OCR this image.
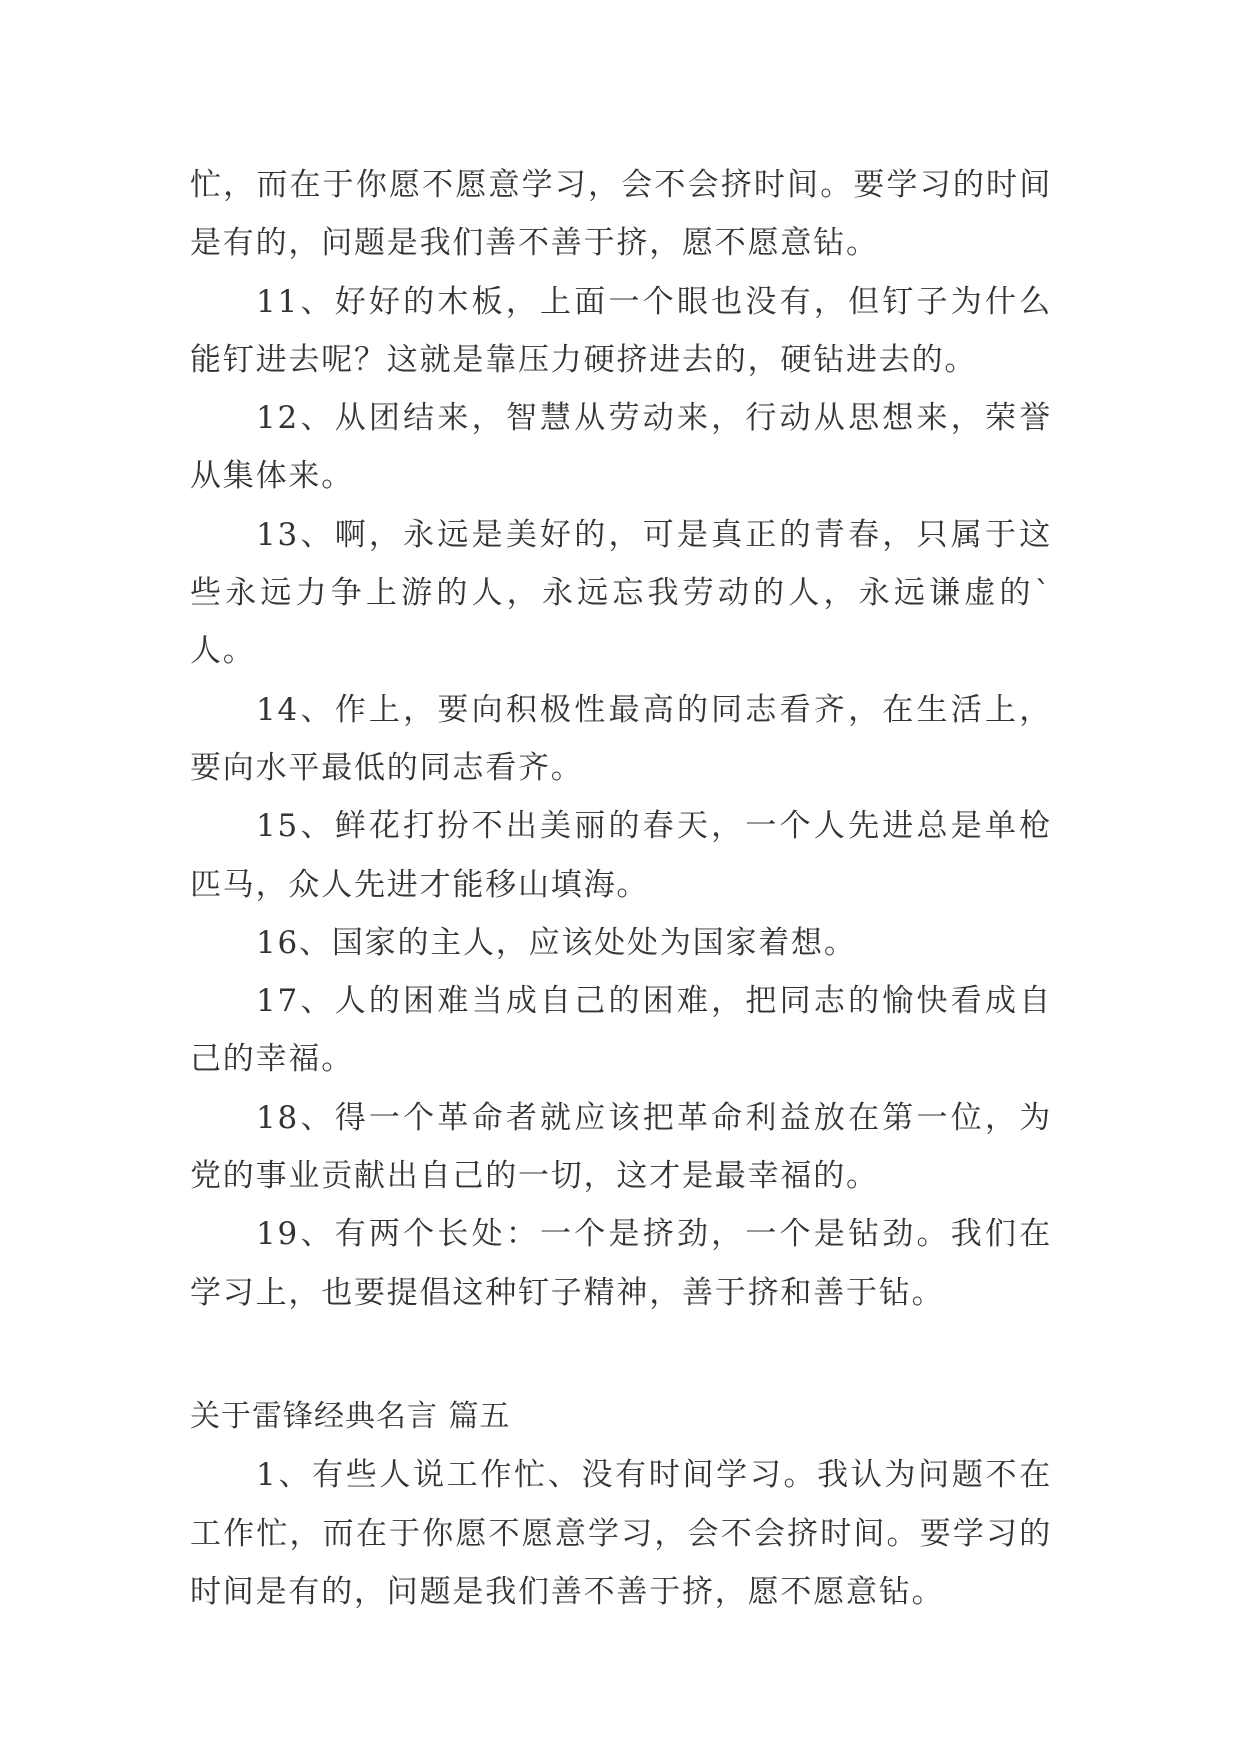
忙，而在于你愿不愿意学习，会不会挤时间。要学习的时间是有的，问题是我们善不善于挤，愿不愿意钻。

11、好好的木板，上面一个眼也没有，但钉子为什么能钉进去呢？这就是靠压力硬挤进去的，硬钻进去的。

12、从团结来，智慧从劳动来，行动从思想来，荣誉从集体来。

13、啊，永远是美好的，可是真正的青春，只属于这些永远力争上游的人，永远忘我劳动的人，永远谦虚的`人。

14、作上，要向积极性最高的同志看齐，在生活上，要向水平最低的同志看齐。

15、鲜花打扮不出美丽的春天，一个人先进总是单枪匹马，众人先进才能移山填海。

16、国家的主人，应该处处为国家着想。

17、人的困难当成自己的困难，把同志的愉快看成自己的幸福。

18、得一个革命者就应该把革命利益放在第一位，为党的事业贡献出自己的一切，这才是最幸福的。

19、有两个长处：一个是挤劲，一个是钻劲。我们在学习上，也要提倡这种钉子精神，善于挤和善于钻。

关于雷锋经典名言 篇五

1、有些人说工作忙、没有时间学习。我认为问题不在工作忙，而在于你愿不愿意学习，会不会挤时间。要学习的时间是有的，问题是我们善不善于挤，愿不愿意钻。
